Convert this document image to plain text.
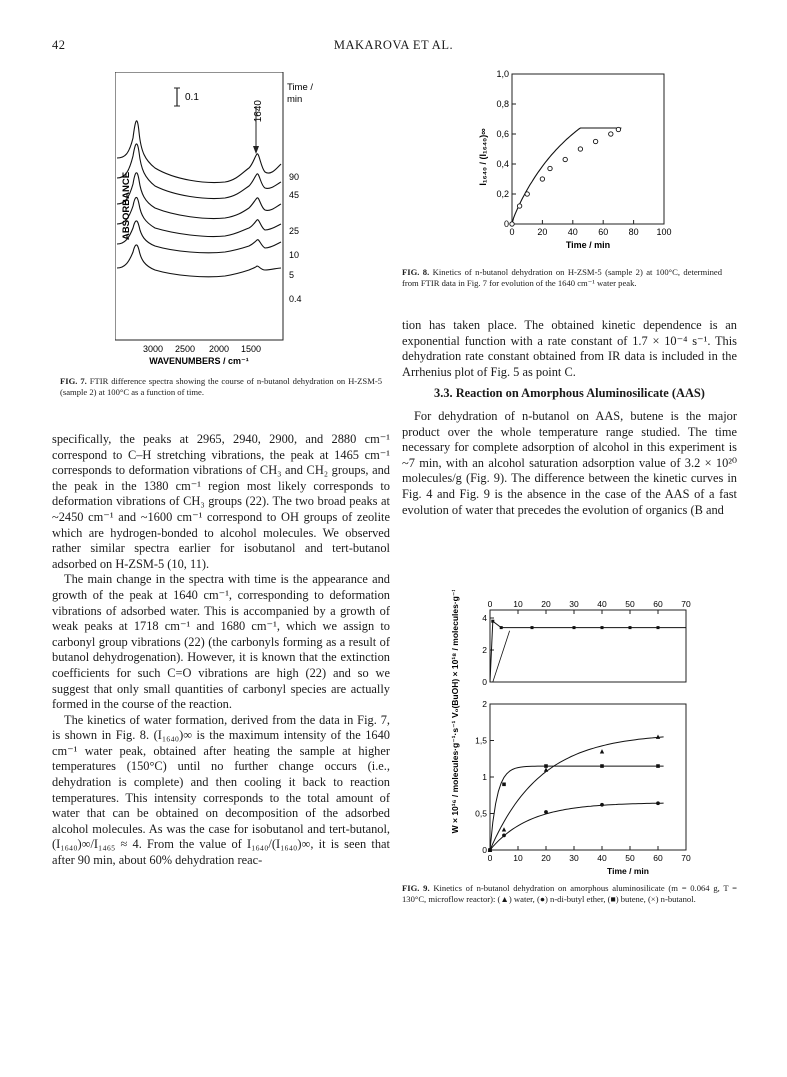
42	MAKAROVA ET AL.
0.1
1640
Time /
min
90
45
25
10
5
0.4
ABSORBANCE
3000 2500 2000 1500
WAVENUMBERS / cm⁻¹

FIG. 7. FTIR difference spectra showing the course of n-butanol dehydration on H-ZSM-5 (sample 2) at 100°C as a function of time.

0
0,2
0,4
0,6
0,8
1,0
0	20 40 60 80 100
Time / min
I₁₆₄₀ / (I₁₆₄₀)∞

FIG. 8. Kinetics of n-butanol dehydration on H-ZSM-5 (sample 2) at 100°C, determined from FTIR data in Fig. 7 for evolution of the 1640 cm⁻¹ water peak.

specifically, the peaks at 2965, 2940, 2900, and 2880 cm⁻¹ correspond to C–H stretching vibrations, the peak at 1465 cm⁻¹ corresponds to deformation vibrations of CH₃ and CH₂ groups, and the peak in the 1380 cm⁻¹ region most likely corresponds to deformation vibrations of CH₃ groups (22). The two broad peaks at ~2450 cm⁻¹ and ~1600 cm⁻¹ correspond to OH groups of zeolite which are hydrogen-bonded to alcohol molecules. We observed rather similar spectra earlier for isobutanol and tert-butanol adsorbed on H-ZSM-5 (10, 11).

The main change in the spectra with time is the appearance and growth of the peak at 1640 cm⁻¹, corresponding to deformation vibrations of adsorbed water. This is accompanied by a growth of weak peaks at 1718 cm⁻¹ and 1680 cm⁻¹, which we assign to carbonyl group vibrations (22) (the carbonyls forming as a result of butanol dehydrogenation). However, it is known that the extinction coefficients for such C=O vibrations are high (22) and so we suggest that only small quantities of carbonyl species are actually formed in the course of the reaction.

The kinetics of water formation, derived from the data in Fig. 7, is shown in Fig. 8. (I₁₆₄₀)∞ is the maximum intensity of the 1640 cm⁻¹ water peak, obtained after heating the sample at higher temperatures (150°C) until no further change occurs (i.e., dehydration is complete) and then cooling it back to reaction temperatures. This intensity corresponds to the total amount of water that can be obtained on decomposition of the adsorbed alcohol molecules. As was the case for isobutanol and tert-butanol, (I₁₆₄₀)∞/I₁₄₆₅ ≈ 4. From the value of I₁₆₄₀/(I₁₆₄₀)∞, it is seen that after 90 min, about 60% dehydration reac-

tion has taken place. The obtained kinetic dependence is an exponential function with a rate constant of 1.7 × 10⁻⁴ s⁻¹. This dehydration rate constant obtained from IR data is included in the Arrhenius plot of Fig. 5 as point C.

3.3. Reaction on Amorphous Aluminosilicate (AAS)

For dehydration of n-butanol on AAS, butene is the major product over the whole temperature range studied. The time necessary for complete adsorption of alcohol in this experiment is ~7 min, with an alcohol saturation adsorption value of 3.2 × 10²⁰ molecules/g (Fig. 9). The difference between the kinetic curves in Fig. 4 and Fig. 9 is the absence in the case of the AAS of a fast evolution of water that precedes the evolution of organics (B and

0 10 20 30 40 50 60 70
0
2
4
V₀(BuOH) × 10¹⁸ / molecules·g⁻¹·s⁻¹
0
0,5
1
1,5
2
0 10 20 30 40 50 60 70
Time / min
W × 10¹⁶ / molecules·g⁻¹·s⁻¹

FIG. 9. Kinetics of n-butanol dehydration on amorphous aluminosilicate (m = 0.064 g, T = 130°C, microflow reactor): (▲) water, (●) n-di-butyl ether, (■) butene, (×) n-butanol.
